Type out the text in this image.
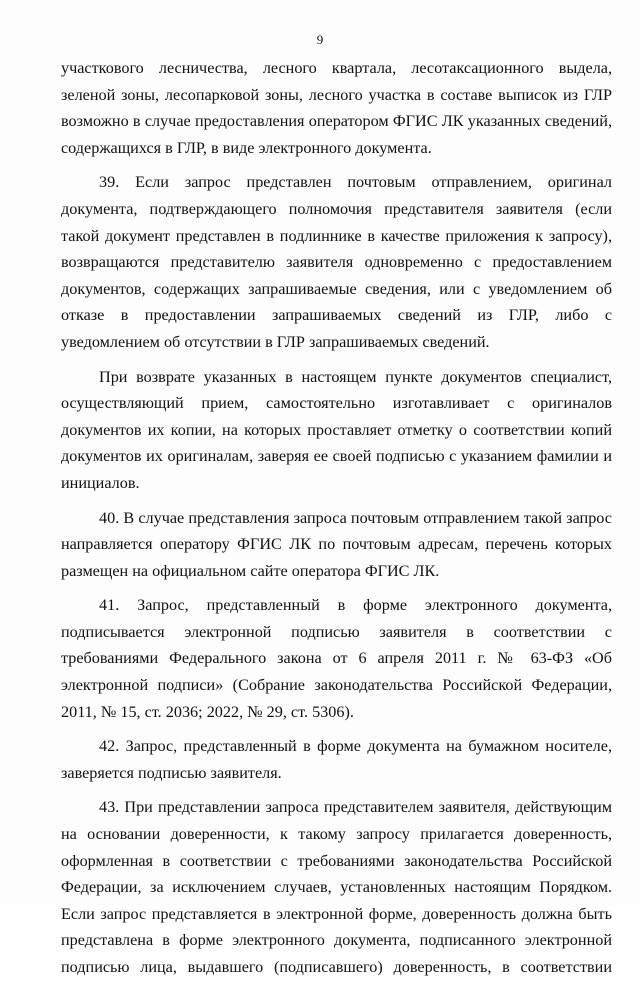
9

участкового лесничества, лесного квартала, лесотаксационного выдела, зеленой зоны, лесопарковой зоны, лесного участка в составе выписок из ГЛР возможно в случае предоставления оператором ФГИС ЛК указанных сведений, содержащихся в ГЛР, в виде электронного документа.

39. Если запрос представлен почтовым отправлением, оригинал документа, подтверждающего полномочия представителя заявителя (если такой документ представлен в подлиннике в качестве приложения к запросу), возвращаются представителю заявителя одновременно с предоставлением документов, содержащих запрашиваемые сведения, или с уведомлением об отказе в предоставлении запрашиваемых сведений из ГЛР, либо с уведомлением об отсутствии в ГЛР запрашиваемых сведений.

При возврате указанных в настоящем пункте документов специалист, осуществляющий прием, самостоятельно изготавливает с оригиналов документов их копии, на которых проставляет отметку о соответствии копий документов их оригиналам, заверяя ее своей подписью с указанием фамилии и инициалов.

40. В случае представления запроса почтовым отправлением такой запрос направляется оператору ФГИС ЛК по почтовым адресам, перечень которых размещен на официальном сайте оператора ФГИС ЛК.

41. Запрос, представленный в форме электронного документа, подписывается электронной подписью заявителя в соответствии с требованиями Федерального закона от 6 апреля 2011 г. № 63-ФЗ «Об электронной подписи» (Собрание законодательства Российской Федерации, 2011, № 15, ст. 2036; 2022, № 29, ст. 5306).

42. Запрос, представленный в форме документа на бумажном носителе, заверяется подписью заявителя.

43. При представлении запроса представителем заявителя, действующим на основании доверенности, к такому запросу прилагается доверенность, оформленная в соответствии с требованиями законодательства Российской Федерации, за исключением случаев, установленных настоящим Порядком. Если запрос представляется в электронной форме, доверенность должна быть представлена в форме электронного документа, подписанного электронной подписью лица, выдавшего (подписавшего) доверенность, в соответствии
